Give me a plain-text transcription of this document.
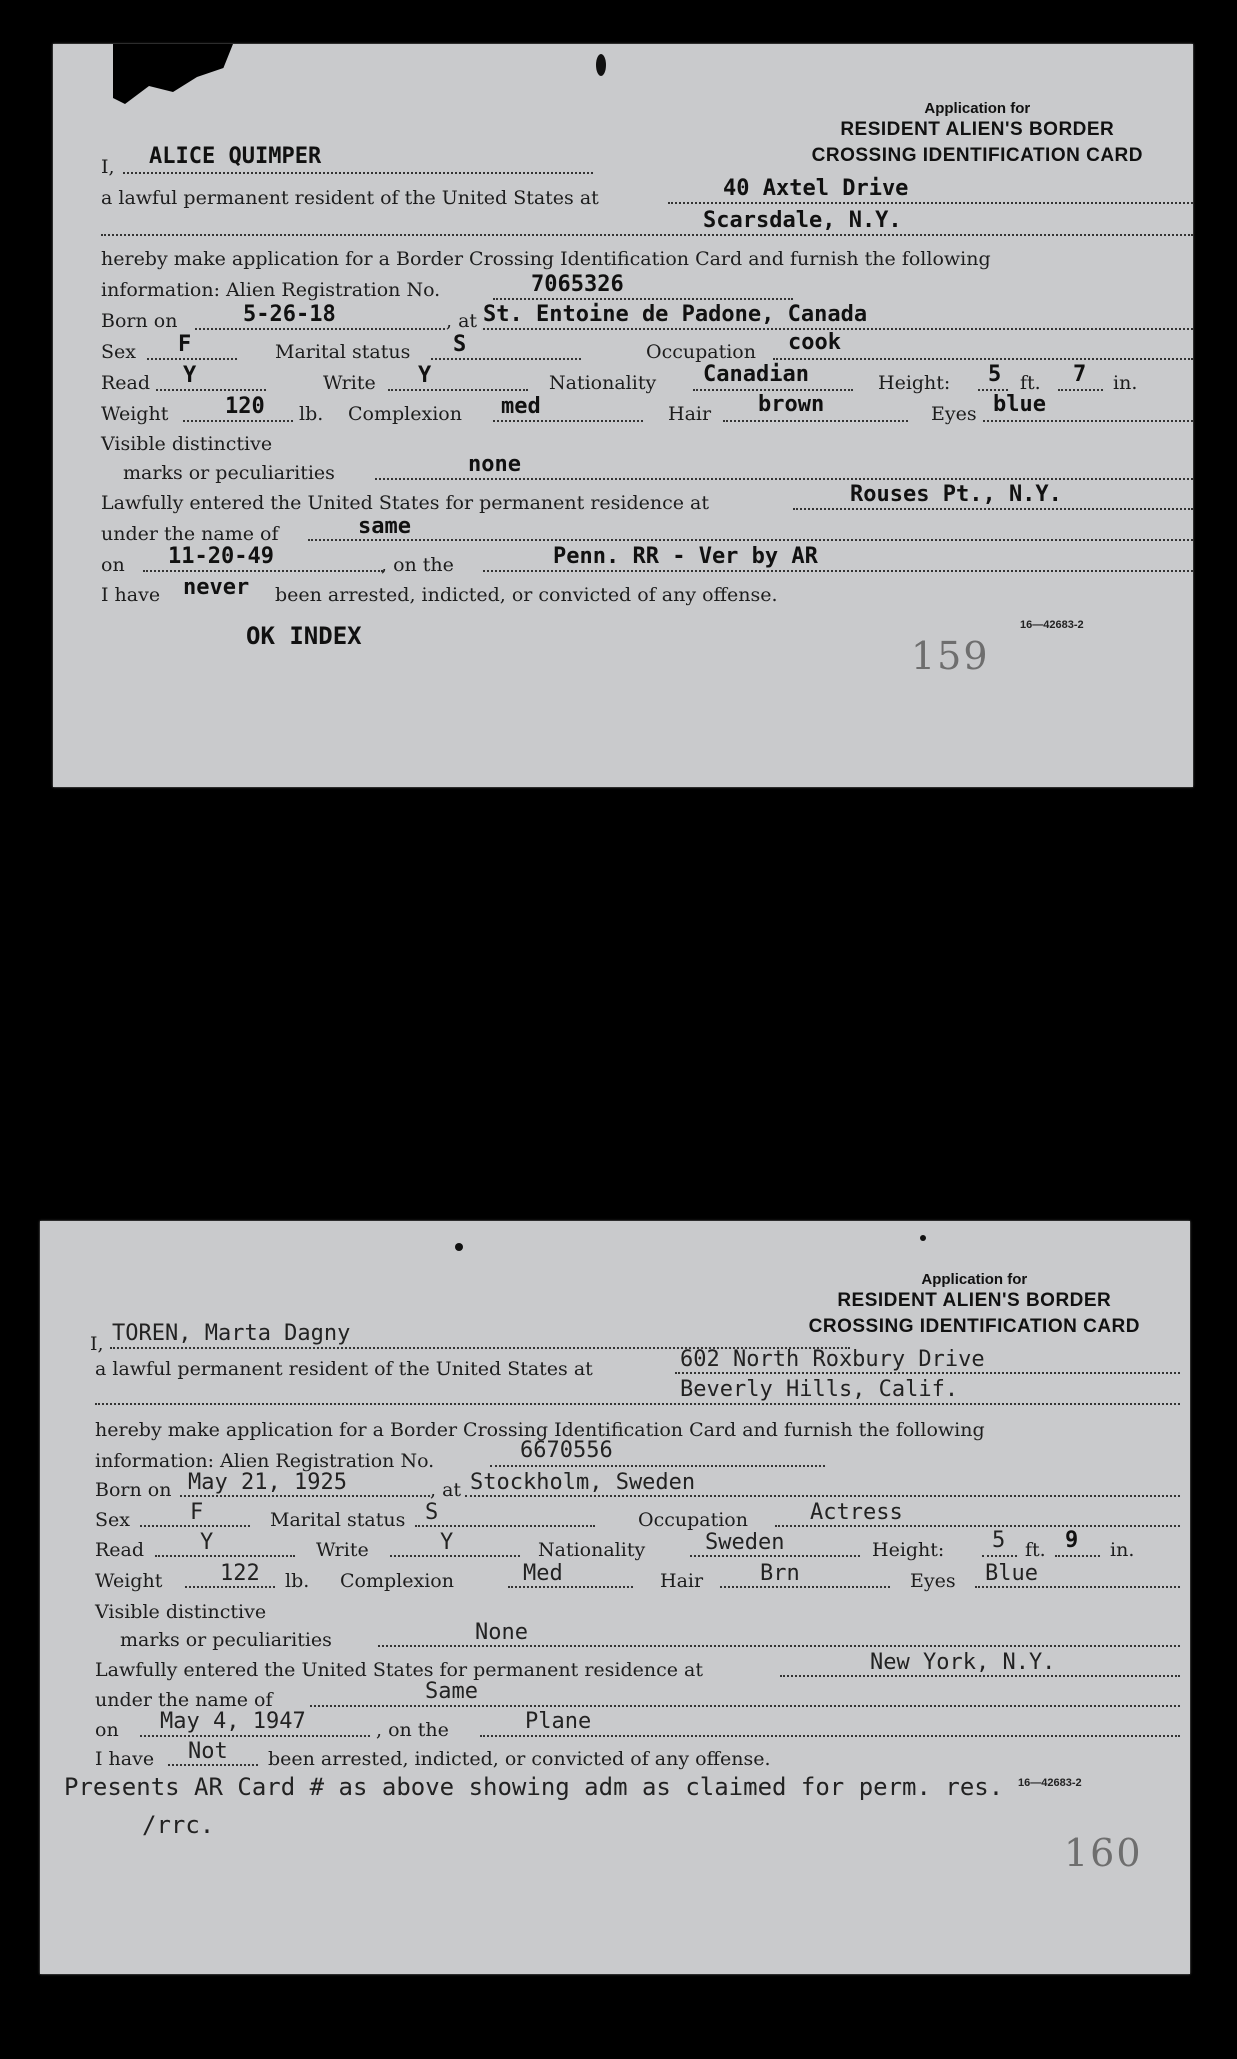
Application for
RESIDENT ALIEN'S BORDER
CROSSING IDENTIFICATION CARD
I, ALICE QUIMPER
a lawful permanent resident of the United States at	40 Axtel Drive
Scarsdale, N.Y.
hereby make application for a Border Crossing Identification Card and furnish the following
information: Alien Registration No.	7065326
Born on	5-26-18	, at St. Entoine de Padone, Canada
Sex F	Marital status S	Occupation cook
Read Y	Write Y	Nationality Canadian	Height: 5 ft. 7 in.
Weight	120 lb. Complexion med	Hair brown	Eyes blue
Visible distinctive
marks or peculiarities	none
Lawfully entered the United States for permanent residence at	Rouses Pt., N.Y.
under the name of	same
on 11-20-49	, on the	Penn. RR - Ver by AR
I have never been arrested, indicted, or convicted of any offense.
16—42683-2
OK INDEX	159
Application for
RESIDENT ALIEN'S BORDER
CROSSING IDENTIFICATION CARD
I, TOREN, Marta Dagny
a lawful permanent resident of the United States at	602 North Roxbury Drive
Beverly Hills, Calif.
hereby make application for a Border Crossing Identification Card and furnish the following
information: Alien Registration No.	6670556
Born on May 21, 1925	, at Stockholm, Sweden
Sex	F	Marital status S	Occupation	Actress
Read	Y	Write	Y	Nationality	Sweden	Height: 5 ft. 9 in.
Weight	122 lb. Complexion	Med	Hair	Brn	Eyes Blue
Visible distinctive
marks or peculiarities	None
Lawfully entered the United States for permanent residence at	New York, N.Y.
under the name of	Same
on May 4, 1947	, on the	Plane
I have Not been arrested, indicted, or convicted of any offense.
16—42683-2
Presents AR Card # as above showing adm as claimed for perm. res.
/rrc.
160
